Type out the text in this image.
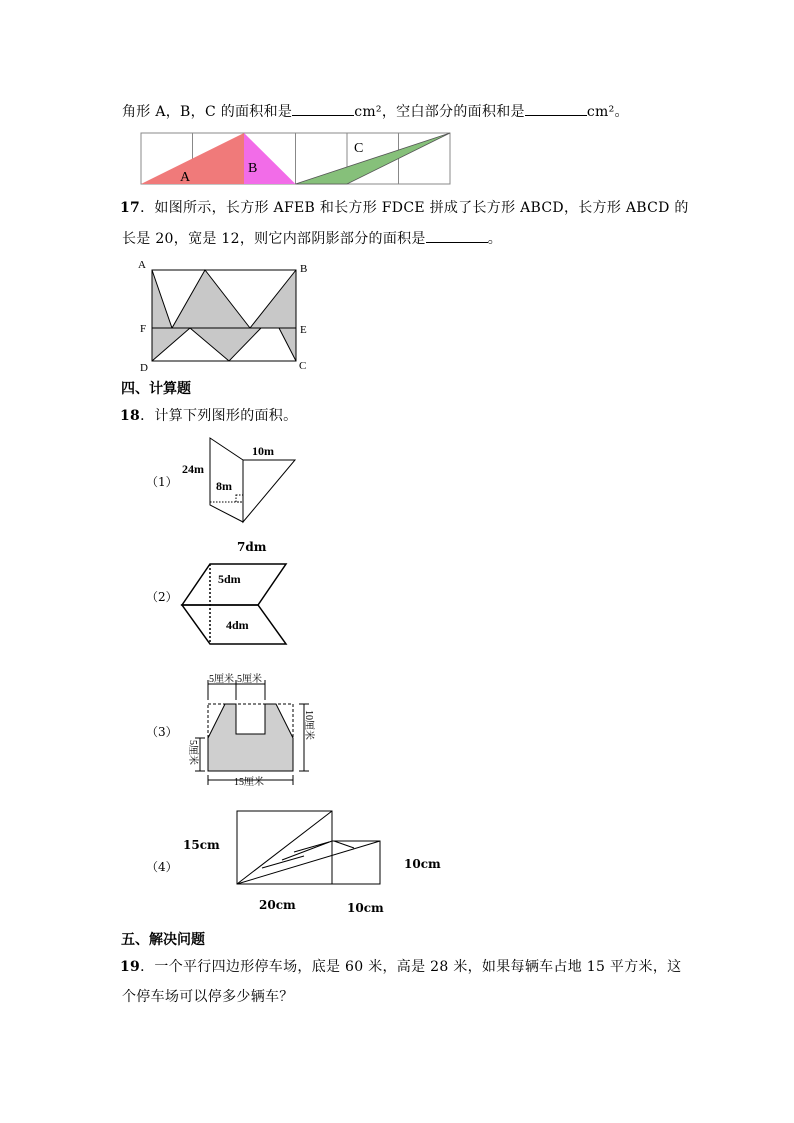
角形 A，B，C 的面积和是	cm²，空白部分的面积和是	cm²。
A
B
C
17．如图所示，长方形 AFEB 和长方形 FDCE 拼成了长方形 ABCD，长方形 ABCD 的
长是 20，宽是 12，则它内部阴影部分的面积是	。
A	B
F	E
D	C
四、计算题
18．计算下列图形的面积。
（1）
24m
10m
8m
7dm
（2）
5dm
4dm
（3）
5厘米 5厘米
10厘米
5厘米
15厘米
15cm
（4）	10cm
20cm	10cm
五、解决问题
19．一个平行四边形停车场，底是 60 米，高是 28 米，如果每辆车占地 15 平方米，这
个停车场可以停多少辆车？
